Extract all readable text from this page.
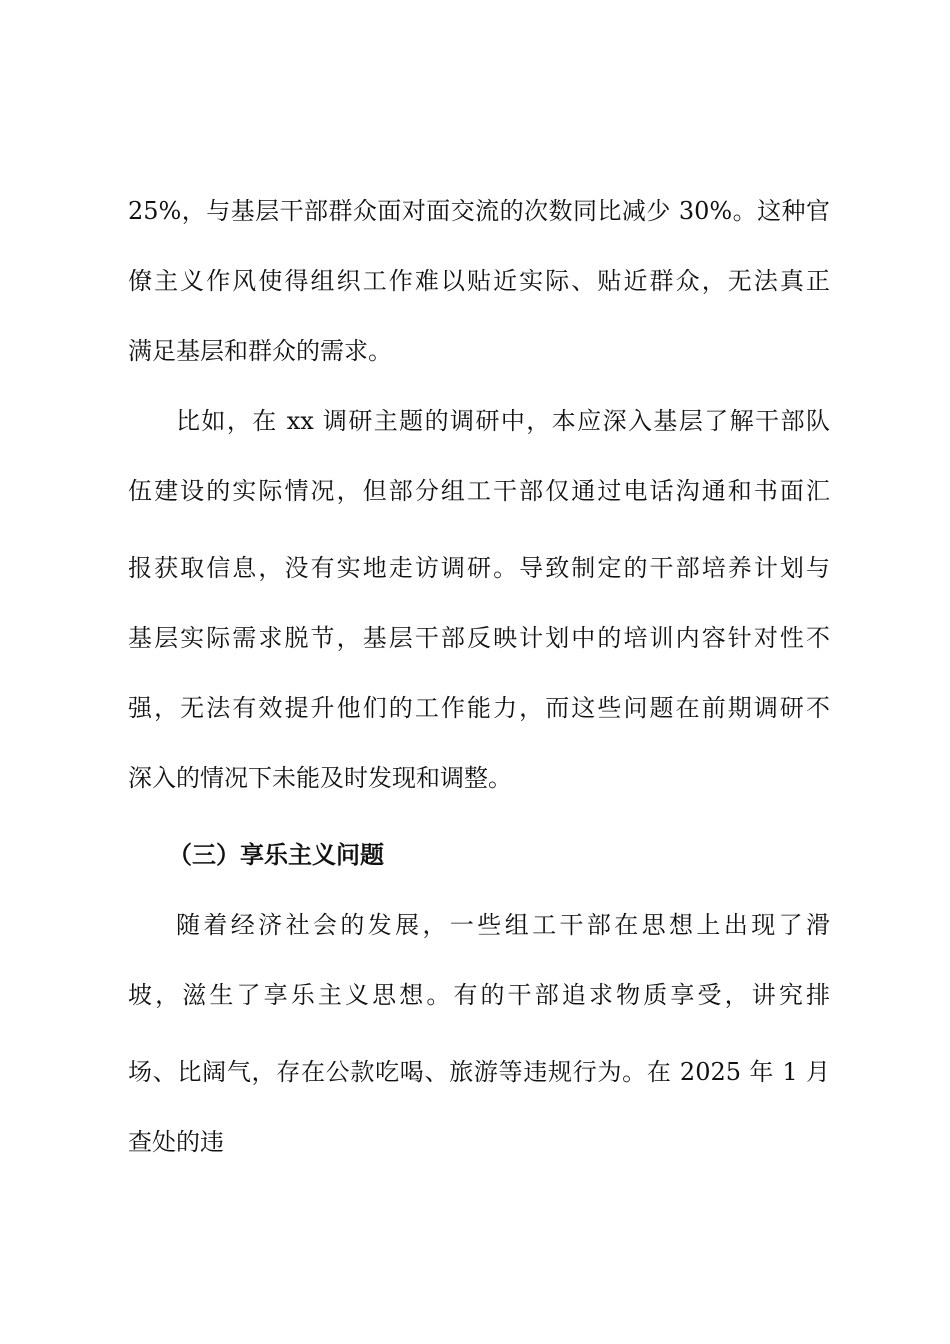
25%，与基层干部群众面对面交流的次数同比减少 30%。这种官
僚主义作风使得组织工作难以贴近实际、贴近群众，无法真正
满足基层和群众的需求。
比如，在 xx 调研主题的调研中，本应深入基层了解干部队
伍建设的实际情况，但部分组工干部仅通过电话沟通和书面汇
报获取信息，没有实地走访调研。导致制定的干部培养计划与
基层实际需求脱节，基层干部反映计划中的培训内容针对性不
强，无法有效提升他们的工作能力，而这些问题在前期调研不
深入的情况下未能及时发现和调整。
（三）享乐主义问题
随着经济社会的发展，一些组工干部在思想上出现了滑
坡，滋生了享乐主义思想。有的干部追求物质享受，讲究排
场、比阔气，存在公款吃喝、旅游等违规行为。在 2025 年 1 月
查处的违
